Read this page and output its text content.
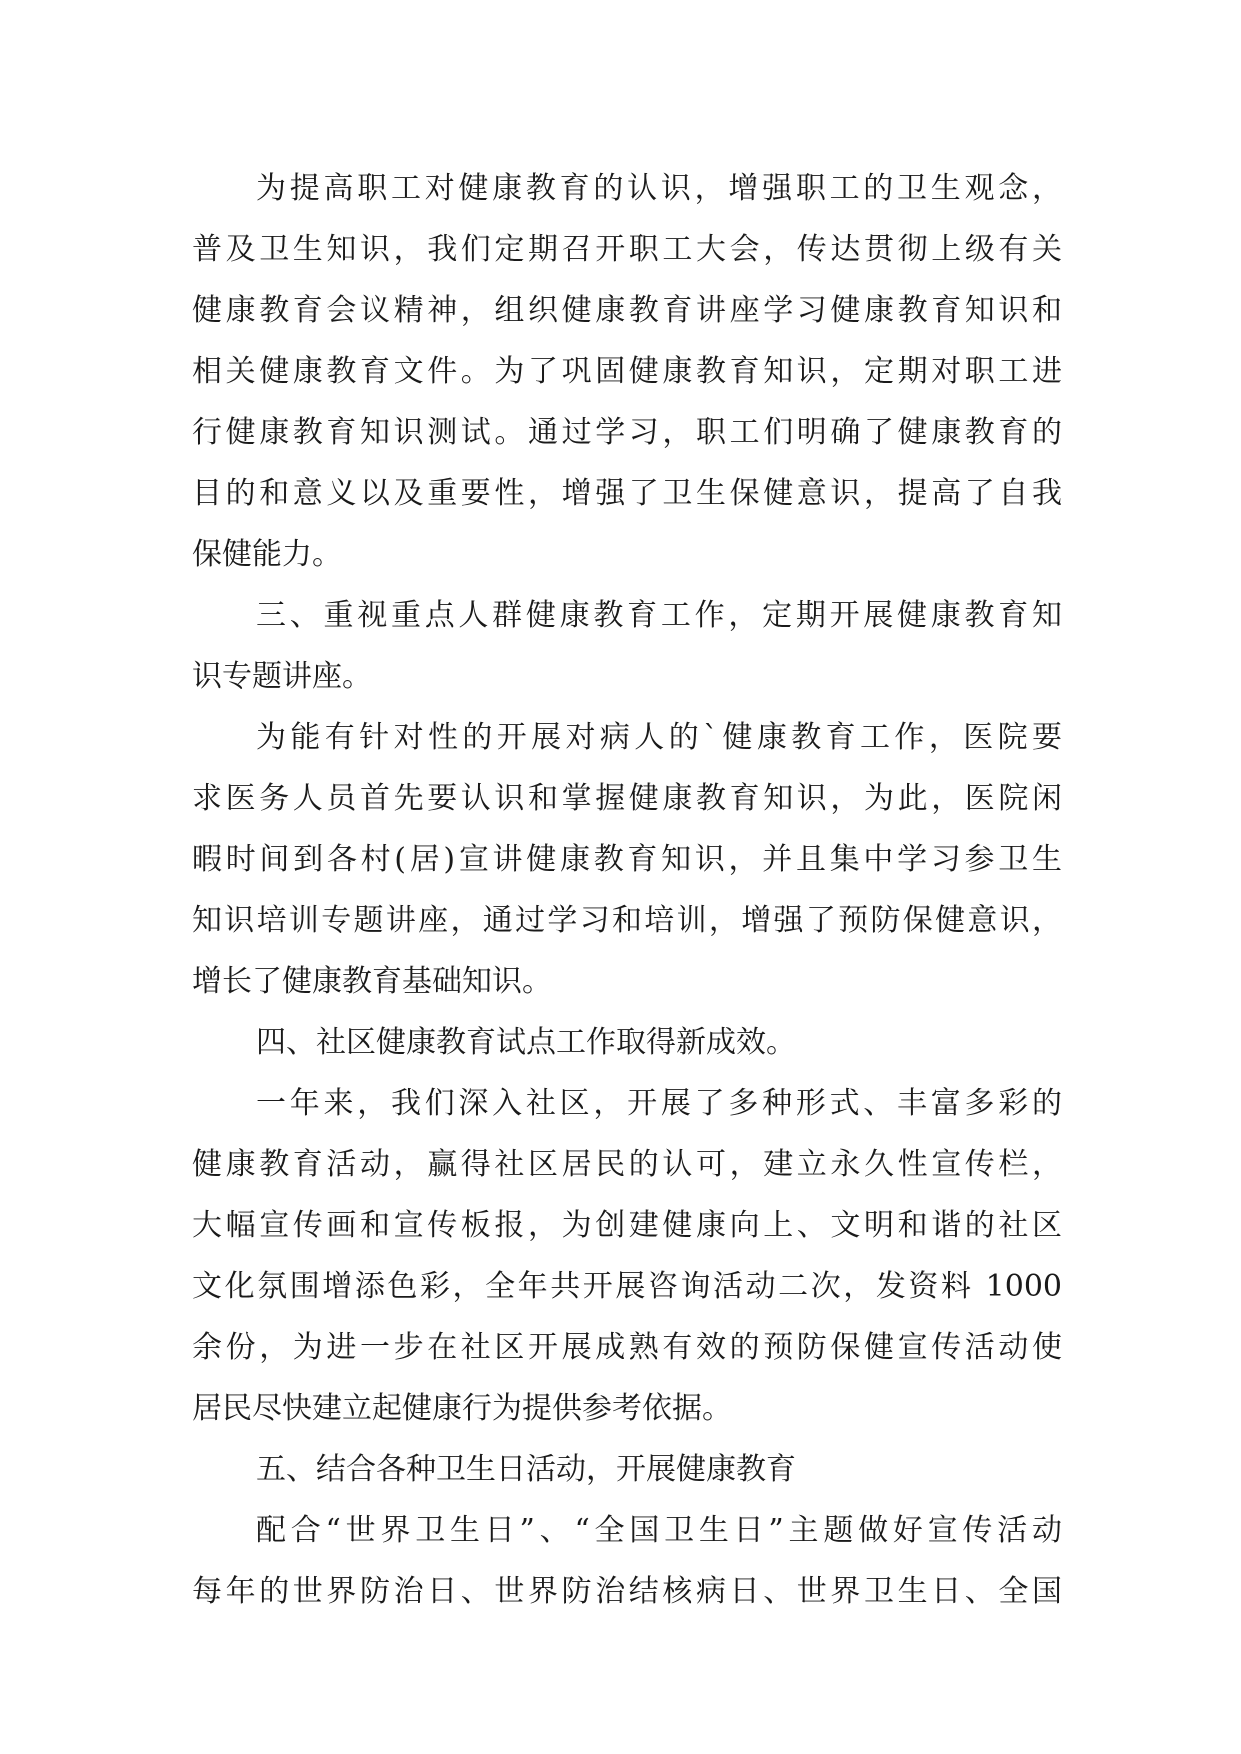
为提高职工对健康教育的认识，增强职工的卫生观念，
普及卫生知识，我们定期召开职工大会，传达贯彻上级有关
健康教育会议精神，组织健康教育讲座学习健康教育知识和
相关健康教育文件。为了巩固健康教育知识，定期对职工进
行健康教育知识测试。通过学习，职工们明确了健康教育的
目的和意义以及重要性，增强了卫生保健意识，提高了自我
保健能力。
三、重视重点人群健康教育工作，定期开展健康教育知
识专题讲座。
为能有针对性的开展对病人的`健康教育工作，医院要
求医务人员首先要认识和掌握健康教育知识，为此，医院闲
暇时间到各村(居)宣讲健康教育知识，并且集中学习参卫生
知识培训专题讲座，通过学习和培训，增强了预防保健意识，
增长了健康教育基础知识。
四、社区健康教育试点工作取得新成效。
一年来，我们深入社区，开展了多种形式、丰富多彩的
健康教育活动，赢得社区居民的认可，建立永久性宣传栏，
大幅宣传画和宣传板报，为创建健康向上、文明和谐的社区
文化氛围增添色彩，全年共开展咨询活动二次，发资料 1000
余份，为进一步在社区开展成熟有效的预防保健宣传活动使
居民尽快建立起健康行为提供参考依据。
五、结合各种卫生日活动，开展健康教育
配合“世界卫生日”、“全国卫生日”主题做好宣传活动
每年的世界防治日、世界防治结核病日、世界卫生日、全国
